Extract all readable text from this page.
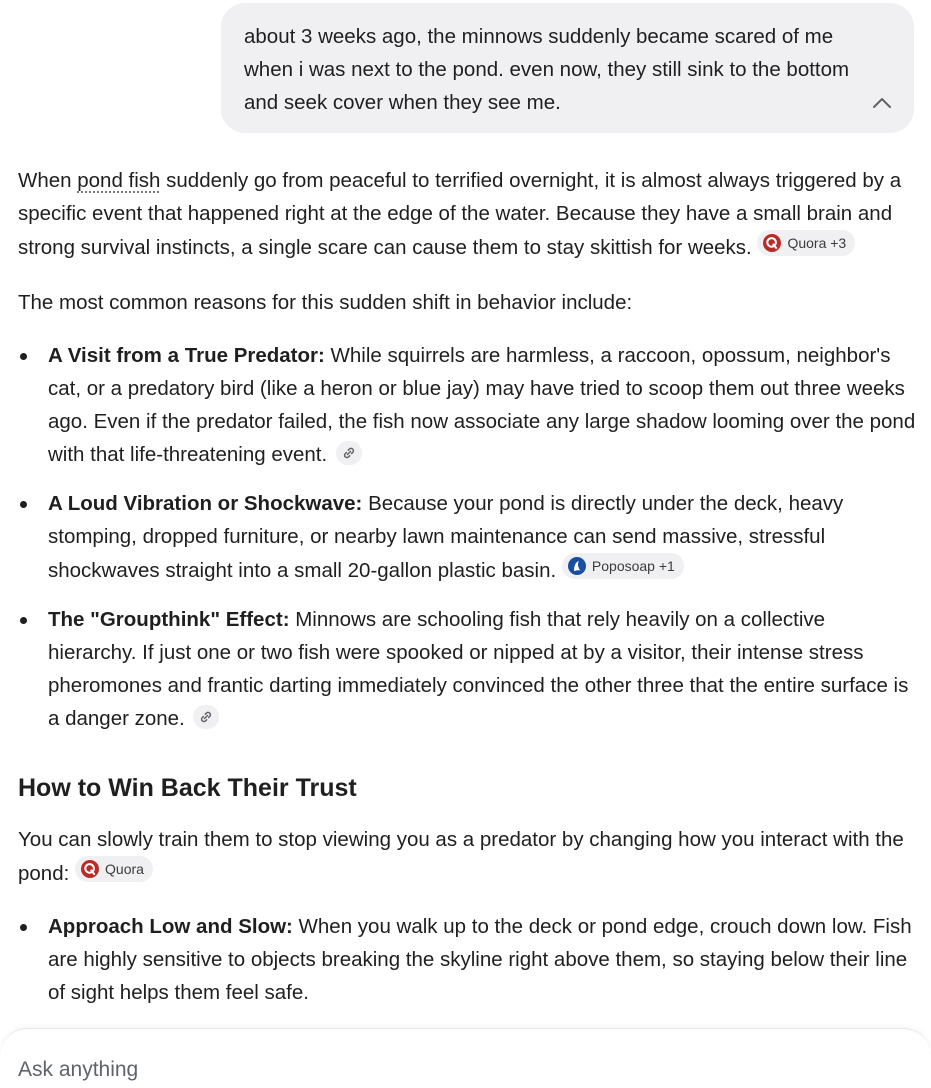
about 3 weeks ago, the minnows suddenly became scared of me when i was next to the pond. even now, they still sink to the bottom and seek cover when they see me.

When pond fish suddenly go from peaceful to terrified overnight, it is almost always triggered by a specific event that happened right at the edge of the water. Because they have a small brain and strong survival instincts, a single scare can cause them to stay skittish for weeks.	Quora +3

The most common reasons for this sudden shift in behavior include:

A Visit from a True Predator: While squirrels are harmless, a raccoon, opossum, neighbor's cat, or a predatory bird (like a heron or blue jay) may have tried to scoop them out three weeks ago. Even if the predator failed, the fish now associate any large shadow looming over the pond with that life-threatening event.
A Loud Vibration or Shockwave: Because your pond is directly under the deck, heavy stomping, dropped furniture, or nearby lawn maintenance can send massive, stressful shockwaves straight into a small 20-gallon plastic basin.	Poposoap +1
The "Groupthink" Effect: Minnows are schooling fish that rely heavily on a collective hierarchy. If just one or two fish were spooked or nipped at by a visitor, their intense stress pheromones and frantic darting immediately convinced the other three that the entire surface is a danger zone.
How to Win Back Their Trust

You can slowly train them to stop viewing you as a predator by changing how you interact with the pond:	Quora

Approach Low and Slow: When you walk up to the deck or pond edge, crouch down low. Fish are highly sensitive to objects breaking the skyline right above them, so staying below their line of sight helps them feel safe.
Ask anything
